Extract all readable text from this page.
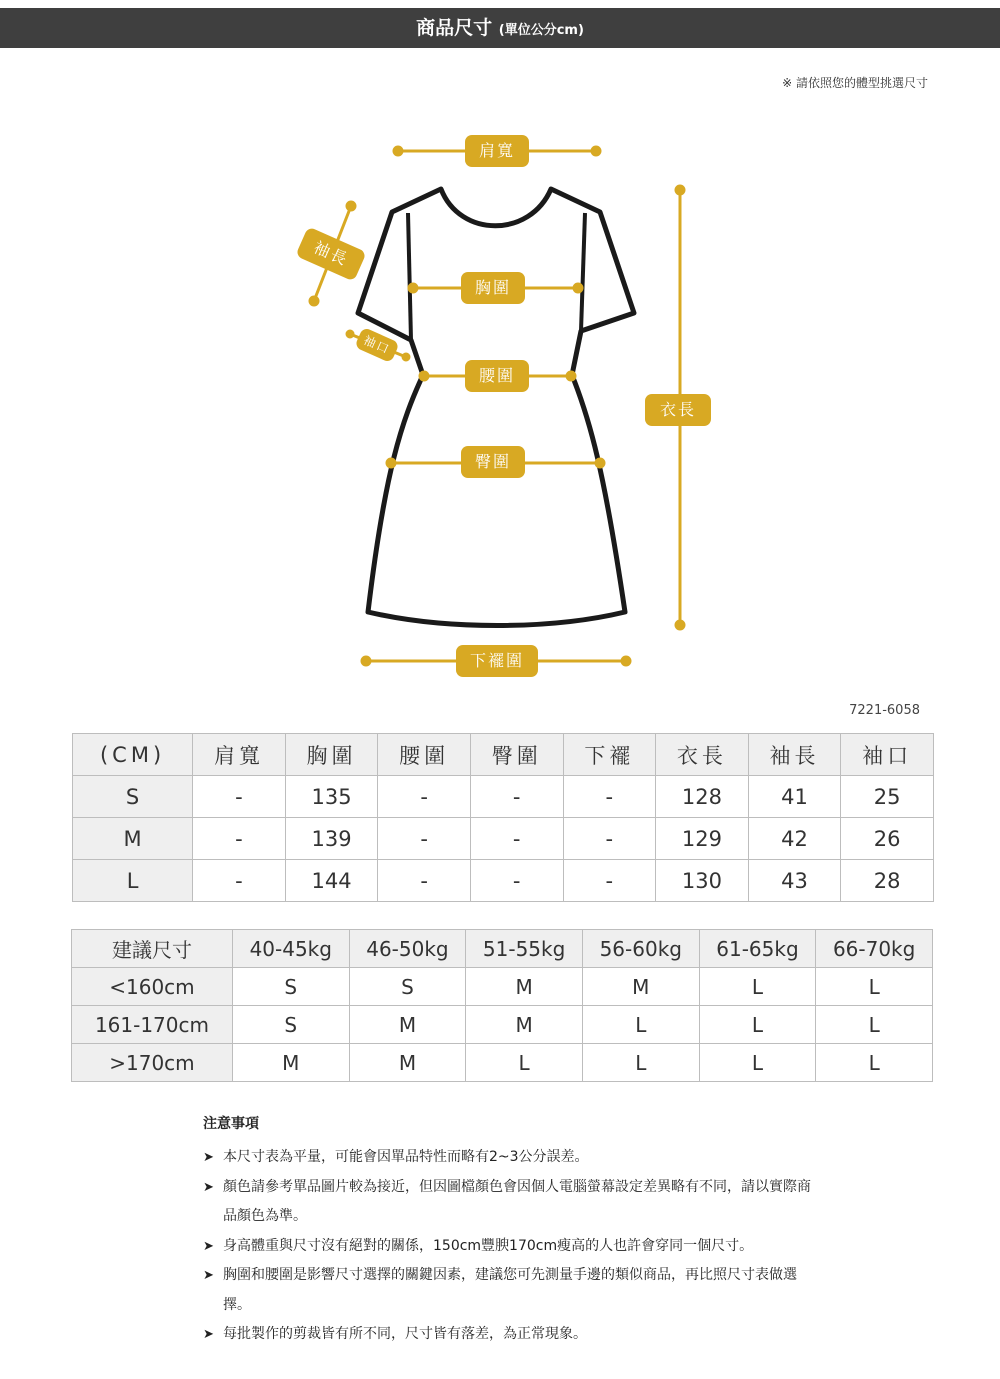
商品尺寸 (單位公分cm)
※ 請依照您的體型挑選尺寸
肩寬
袖長
袖口
胸圍
腰圍
臀圍
衣長
下襬圍
7221-6058
(CM)	肩寬	胸圍	腰圍	臀圍	下襬	衣長	袖長	袖口
S	-	135	-	-	-	128	41	25
M	-	139	-	-	-	129	42	26
L	-	144	-	-	-	130	43	28
建議尺寸	40-45kg	46-50kg	51-55kg	56-60kg	61-65kg	66-70kg
<160cm	S	S	M	M	L	L
161-170cm	S	M	M	L	L	L
>170cm	M	M	L	L	L	L
注意事項
➤ 本尺寸表為平量，可能會因單品特性而略有2~3公分誤差。
➤ 顏色請參考單品圖片較為接近，但因圖檔顏色會因個人電腦螢幕設定差異略有不同，請以實際商品顏色為準。
➤ 身高體重與尺寸沒有絕對的關係，150cm豐腴170cm瘦高的人也許會穿同一個尺寸。
➤ 胸圍和腰圍是影響尺寸選擇的關鍵因素，建議您可先測量手邊的類似商品，再比照尺寸表做選擇。
➤ 每批製作的剪裁皆有所不同，尺寸皆有落差，為正常現象。
